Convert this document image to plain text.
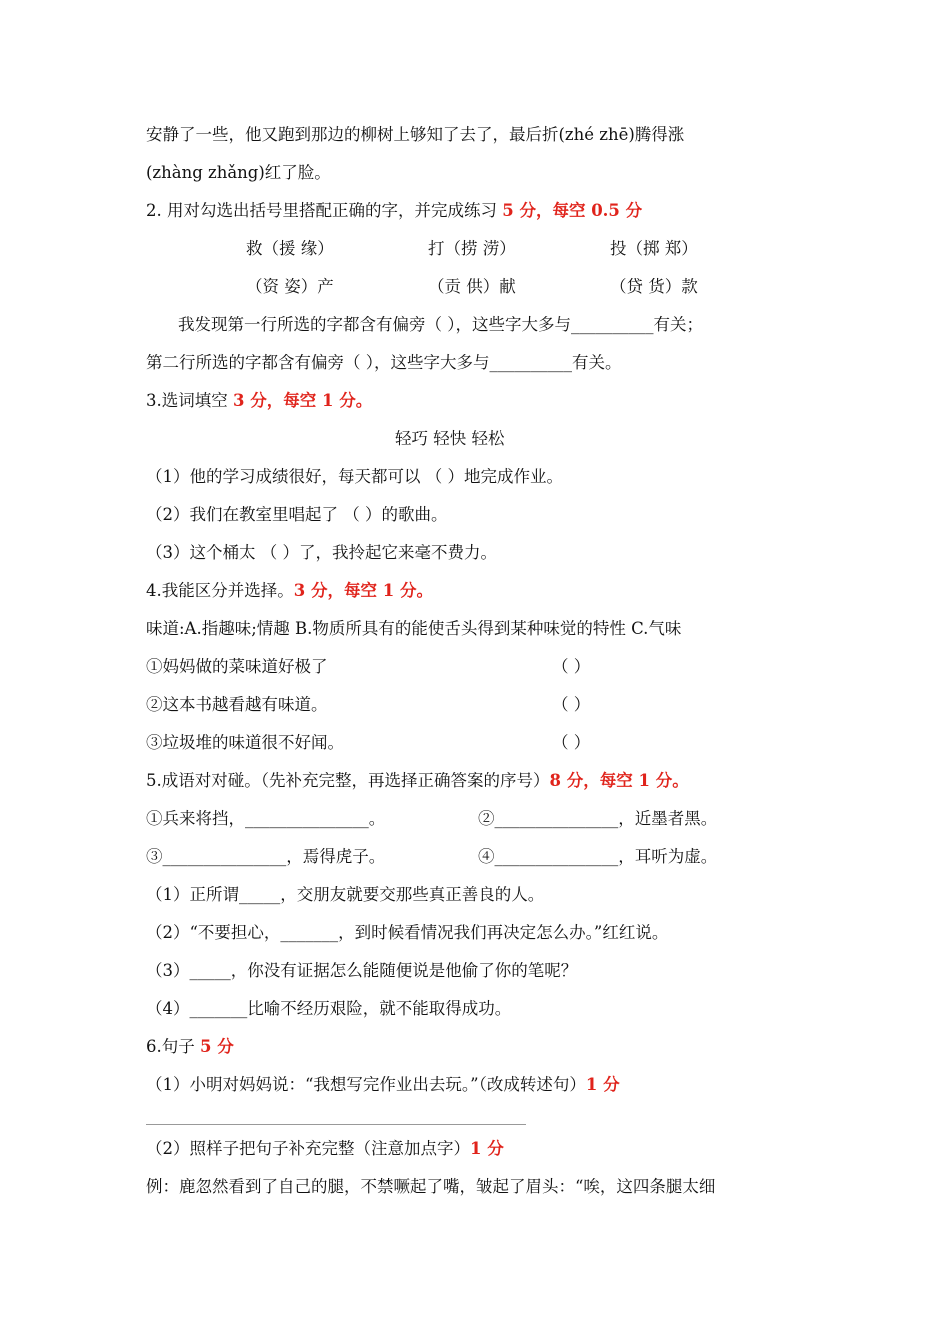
安静了一些，他又跑到那边的柳树上够知了去了，最后折(zhé zhē)腾得涨
(zhàng zhǎng)红了脸。
2. 用对勾选出括号里搭配正确的字，并完成练习 5 分，每空 0.5 分
救（援 缘）	打（捞 涝）	投（掷 郑）
（资 姿）产	（贡 供）献	（贷 货）款
我发现第一行所选的字都含有偏旁（ ），这些字大多与__________有关；
第二行所选的字都含有偏旁（ ），这些字大多与__________有关。
3.选词填空 3 分，每空 1 分。
轻巧 轻快 轻松
（1）他的学习成绩很好，每天都可以 （ ）地完成作业。
（2）我们在教室里唱起了 （ ）的歌曲。
（3）这个桶太 （ ）了，我拎起它来毫不费力。
4.我能区分并选择。3 分，每空 1 分。
味道:A.指趣味;情趣 B.物质所具有的能使舌头得到某种味觉的特性 C.气味
①妈妈做的菜味道好极了	（ ）
②这本书越看越有味道。	（ ）
③垃圾堆的味道很不好闻。	（ ）
5.成语对对碰。（先补充完整，再选择正确答案的序号）8 分，每空 1 分。
①兵来将挡，_______________。	②_______________，近墨者黑。
③_______________，焉得虎子。	④_______________，耳听为虚。
（1）正所谓_____，交朋友就要交那些真正善良的人。
（2）“不要担心，_______，到时候看情况我们再决定怎么办。”红红说。
（3）_____，你没有证据怎么能随便说是他偷了你的笔呢？
（4）_______比喻不经历艰险，就不能取得成功。
6.句子 5 分
（1）小明对妈妈说：“我想写完作业出去玩。”（改成转述句）1 分
（2）照样子把句子补充完整（注意加点字）1 分
例：鹿忽然看到了自己的腿，不禁噘起了嘴，皱起了眉头：“唉，这四条腿太细
